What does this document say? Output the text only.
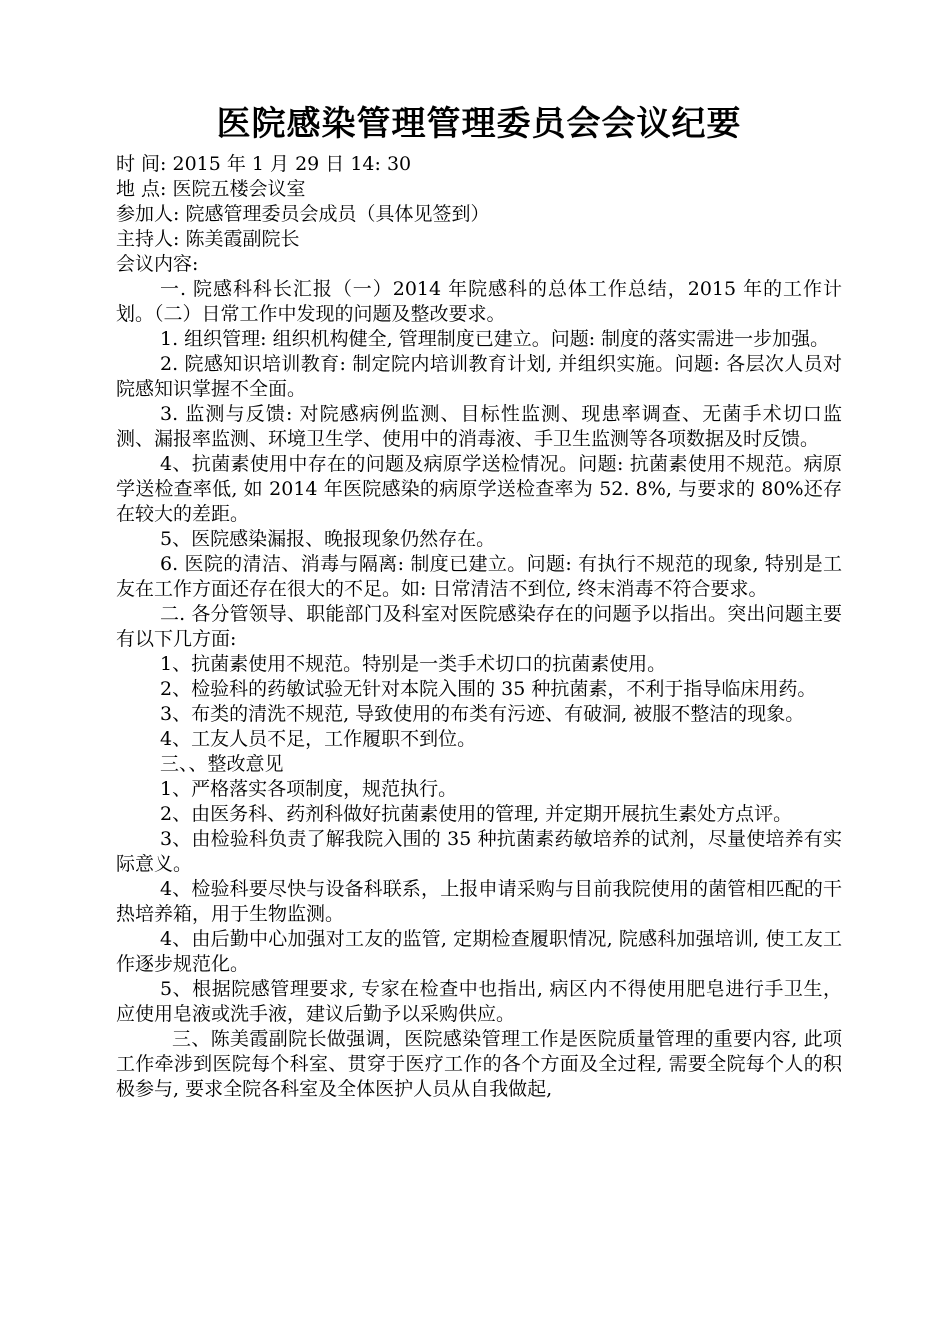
医院感染管理管理委员会会议纪要
时 间: 2015 年 1 月 29 日 14: 30
地 点: 医院五楼会议室
参加人: 院感管理委员会成员（具体见签到）
主持人: 陈美霞副院长
会议内容:

一. 院感科科长汇报（一）2014 年院感科的总体工作总结，2015 年的工作计划。（二）日常工作中发现的问题及整改要求。

1. 组织管理: 组织机构健全, 管理制度已建立。问题: 制度的落实需进一步加强。

2. 院感知识培训教育: 制定院内培训教育计划, 并组织实施。问题: 各层次人员对院感知识掌握不全面。

3. 监测与反馈: 对院感病例监测、目标性监测、现患率调查、无菌手术切口监测、漏报率监测、环境卫生学、使用中的消毒液、手卫生监测等各项数据及时反馈。

4、抗菌素使用中存在的问题及病原学送检情况。问题: 抗菌素使用不规范。病原学送检查率低, 如 2014 年医院感染的病原学送检查率为 52. 8%, 与要求的 80%还存在较大的差距。

5、医院感染漏报、晚报现象仍然存在。

6. 医院的清洁、消毒与隔离: 制度已建立。问题: 有执行不规范的现象, 特别是工友在工作方面还存在很大的不足。如: 日常清洁不到位, 终末消毒不符合要求。

二. 各分管领导、职能部门及科室对医院感染存在的问题予以指出。突出问题主要有以下几方面:

1、抗菌素使用不规范。特别是一类手术切口的抗菌素使用。

2、检验科的药敏试验无针对本院入围的 35 种抗菌素，不利于指导临床用药。

3、布类的清洗不规范, 导致使用的布类有污迹、有破洞, 被服不整洁的现象。

4、工友人员不足，工作履职不到位。

三、、整改意见

1、严格落实各项制度，规范执行。

2、由医务科、药剂科做好抗菌素使用的管理, 并定期开展抗生素处方点评。

3、由检验科负责了解我院入围的 35 种抗菌素药敏培养的试剂，尽量使培养有实际意义。

4、检验科要尽快与设备科联系，上报申请采购与目前我院使用的菌管相匹配的干热培养箱，用于生物监测。

4、由后勤中心加强对工友的监管, 定期检查履职情况, 院感科加强培训, 使工友工作逐步规范化。

5、根据院感管理要求, 专家在检查中也指出, 病区内不得使用肥皂进行手卫生，应使用皂液或洗手液，建议后勤予以采购供应。

三、陈美霞副院长做强调，医院感染管理工作是医院质量管理的重要内容, 此项工作牵涉到医院每个科室、贯穿于医疗工作的各个方面及全过程, 需要全院每个人的积极参与, 要求全院各科室及全体医护人员从自我做起,
